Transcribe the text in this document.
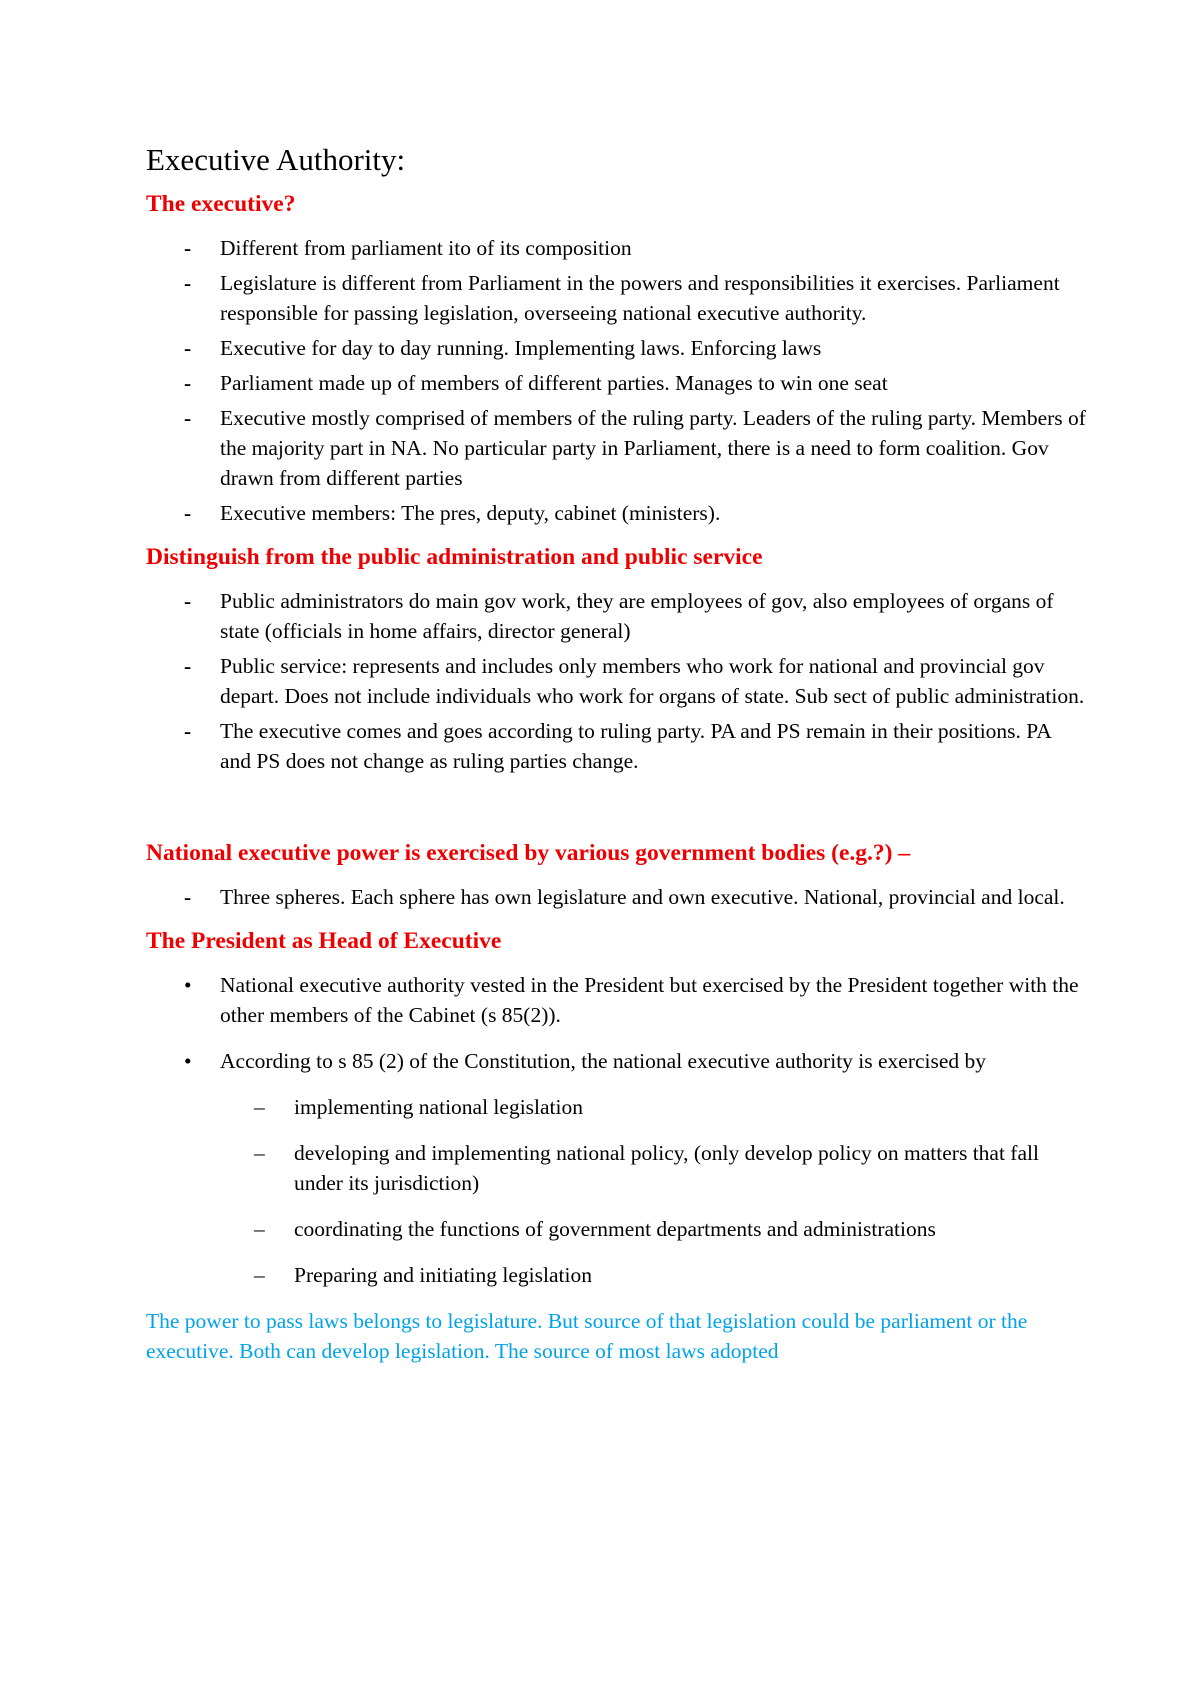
Executive Authority:
The executive?
- Different from parliament ito of its composition
- Legislature is different from Parliament in the powers and responsibilities it exercises. Parliament responsible for passing legislation, overseeing national executive authority.
- Executive for day to day running. Implementing laws. Enforcing laws
- Parliament made up of members of different parties. Manages to win one seat
- Executive mostly comprised of members of the ruling party. Leaders of the ruling party. Members of the majority part in NA. No particular party in Parliament, there is a need to form coalition. Gov drawn from different parties
- Executive members: The pres, deputy, cabinet (ministers).
Distinguish from the public administration and public service
- Public administrators do main gov work, they are employees of gov, also employees of organs of state (officials in home affairs, director general)
- Public service: represents and includes only members who work for national and provincial gov depart. Does not include individuals who work for organs of state. Sub sect of public administration.
- The executive comes and goes according to ruling party. PA and PS remain in their positions. PA and PS does not change as ruling parties change.
National executive power is exercised by various government bodies (e.g.?) –
- Three spheres. Each sphere has own legislature and own executive. National, provincial and local.
The President as Head of Executive
• National executive authority vested in the President but exercised by the President together with the other members of the Cabinet (s 85(2)).
• According to s 85 (2) of the Constitution, the national executive authority is exercised by
– implementing national legislation
– developing and implementing national policy, (only develop policy on matters that fall under its jurisdiction)
– coordinating the functions of government departments and administrations
– Preparing and initiating legislation

The power to pass laws belongs to legislature. But source of that legislation could be parliament or the executive. Both can develop legislation. The source of most laws adopted
